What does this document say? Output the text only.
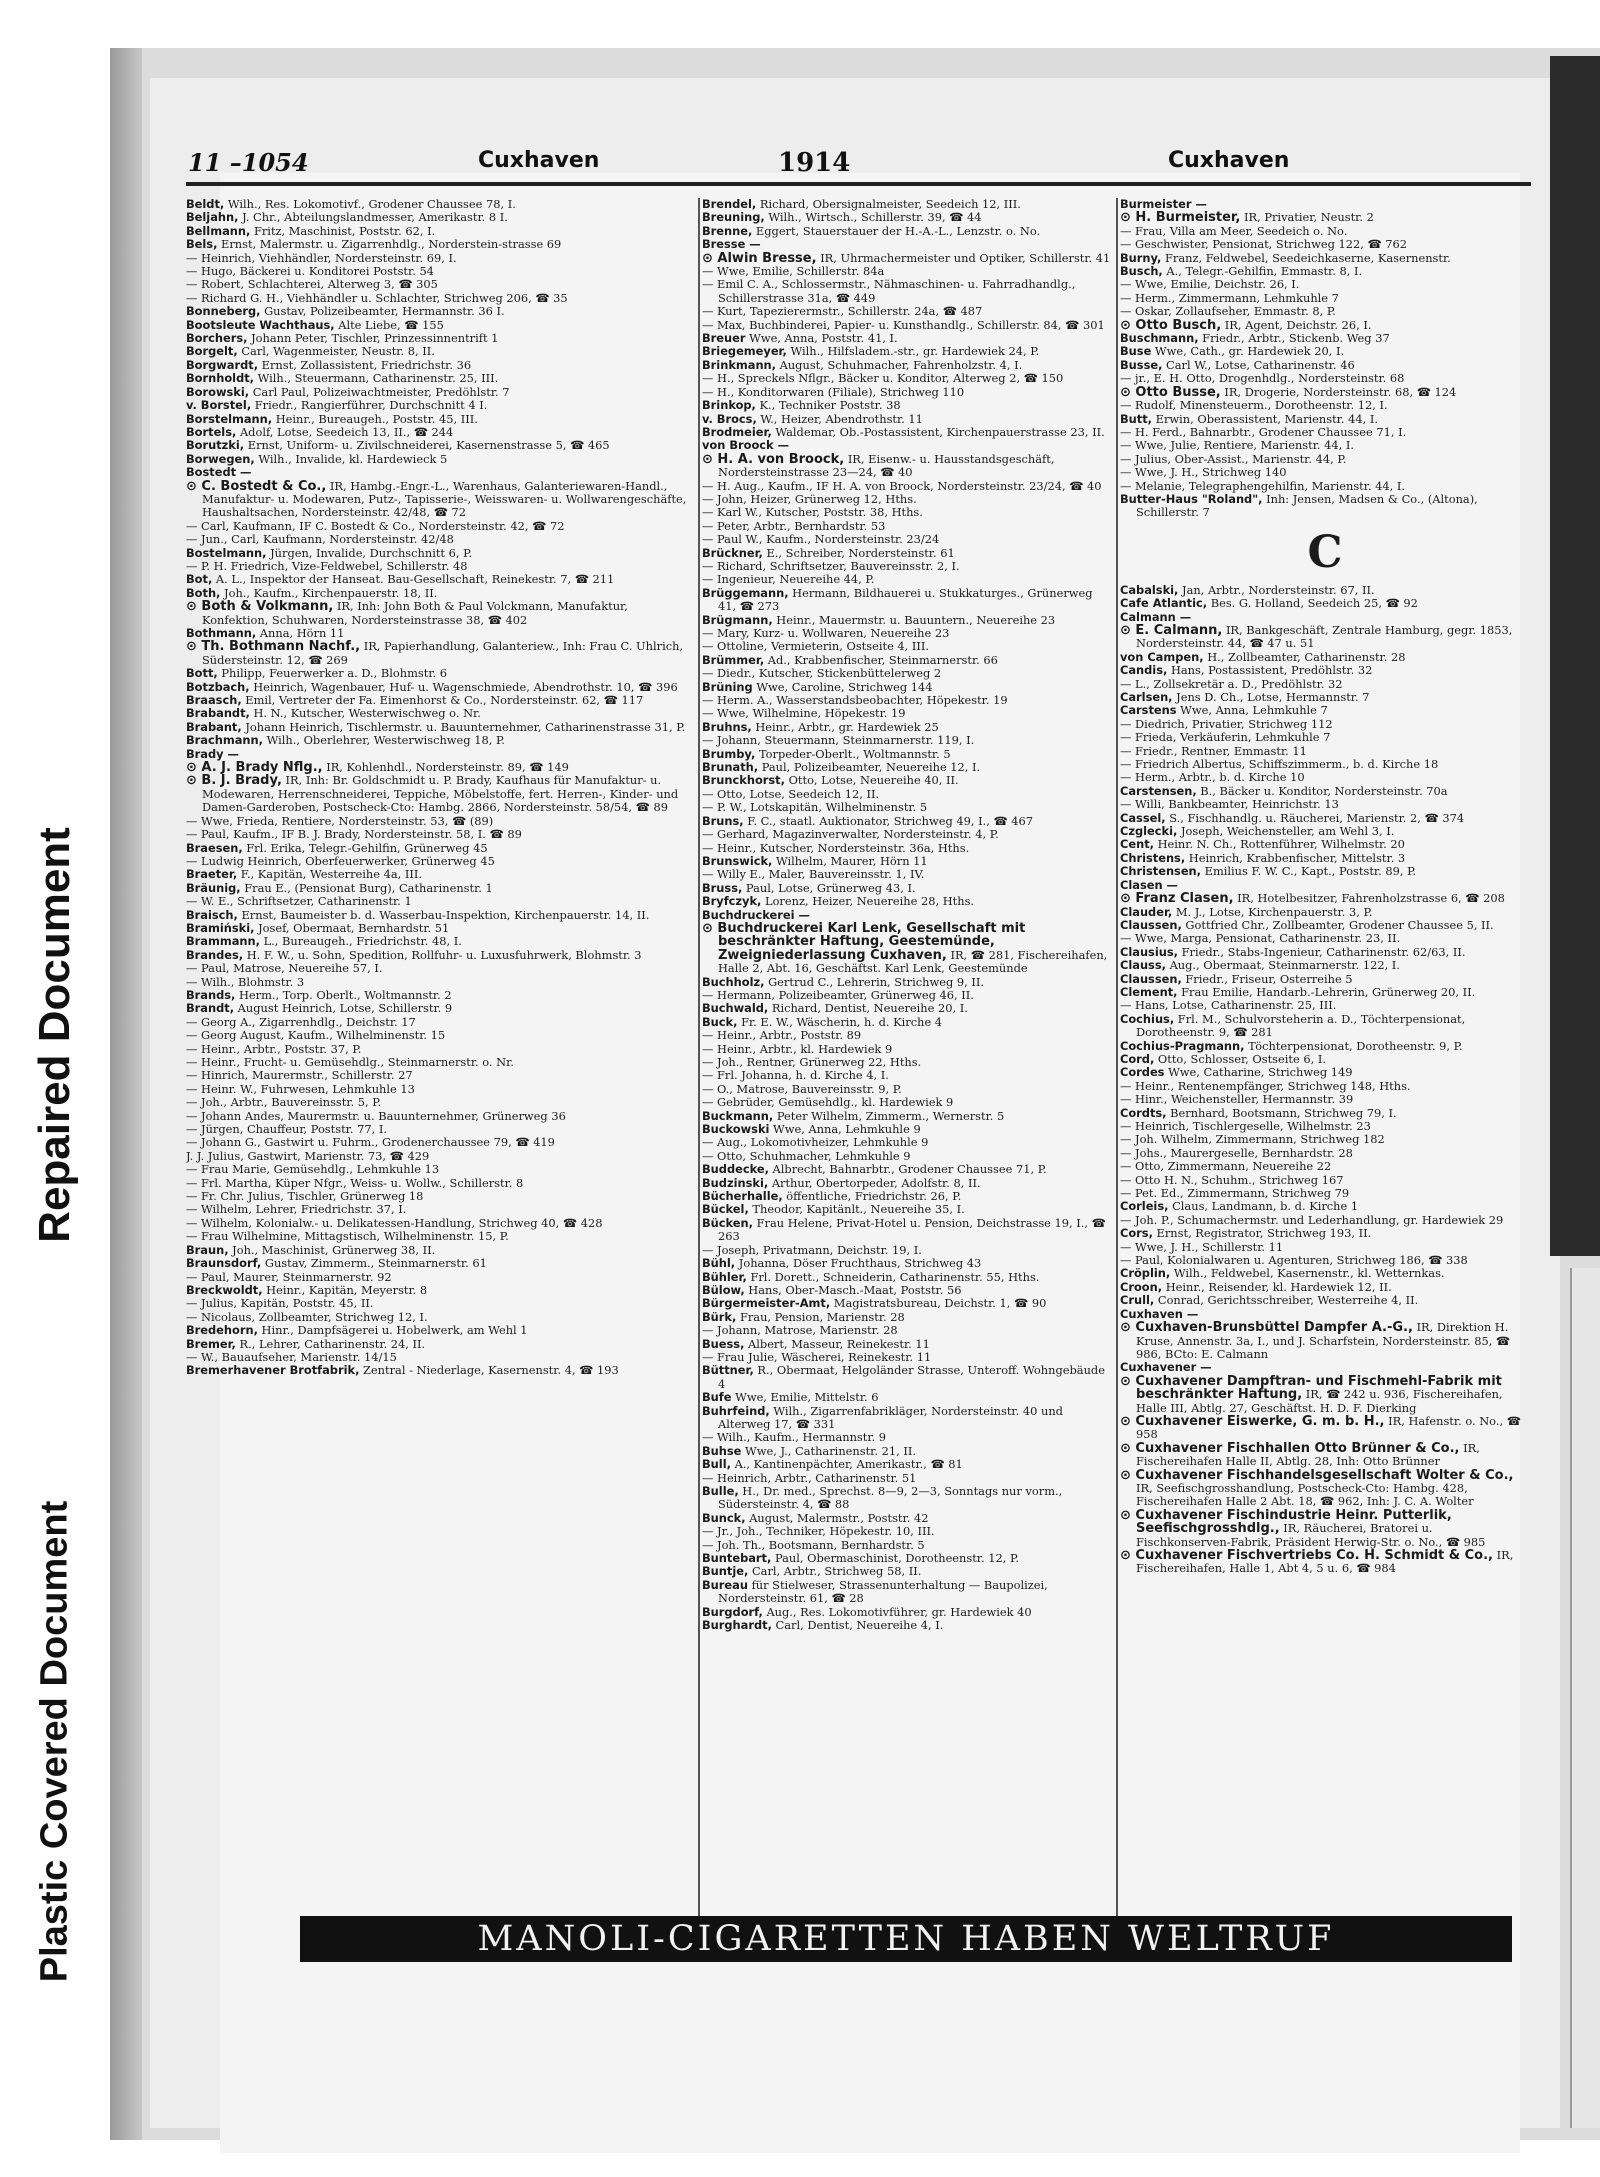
Repaired Document
Plastic Covered Document
11 –1054	Cuxhaven	1914	Cuxhaven

Beldt, Wilh., Res. Lokomotivf., Grodener Chaussee 78, I.

Beljahn, J. Chr., Abteilungslandmesser, Amerikastr. 8 I.

Bellmann, Fritz, Maschinist, Poststr. 62, I.

Bels, Ernst, Malermstr. u. Zigarrenhdlg., Norderstein-strasse 69

— Heinrich, Viehhändler, Nordersteinstr. 69, I.

— Hugo, Bäckerei u. Konditorei Poststr. 54

— Robert, Schlachterei, Alterweg 3, ☎ 305

— Richard G. H., Viehhändler u. Schlachter, Strichweg 206, ☎ 35

Bonneberg, Gustav, Polizeibeamter, Hermannstr. 36 I.

Bootsleute Wachthaus, Alte Liebe, ☎ 155

Borchers, Johann Peter, Tischler, Prinzessinnentrift 1

Borgelt, Carl, Wagenmeister, Neustr. 8, II.

Borgwardt, Ernst, Zollassistent, Friedrichstr. 36

Bornholdt, Wilh., Steuermann, Catharinenstr. 25, III.

Borowski, Carl Paul, Polizeiwachtmeister, Predöhlstr. 7

v. Borstel, Friedr., Rangierführer, Durchschnitt 4 I.

Borstelmann, Heinr., Bureaugeh., Poststr. 45, III.

Bortels, Adolf, Lotse, Seedeich 13, II., ☎ 244

Borutzki, Ernst, Uniform- u. Zivilschneiderei, Kasernenstrasse 5, ☎ 465

Borwegen, Wilh., Invalide, kl. Hardewieck 5

Bostedt —

⊙ C. Bostedt & Co., IR, Hambg.-Engr.-L., Warenhaus, Galanteriewaren-Handl., Manufaktur- u. Modewaren, Putz-, Tapisserie-, Weisswaren- u. Wollwarengeschäfte, Haushaltsachen, Nordersteinstr. 42/48, ☎ 72

— Carl, Kaufmann, IF C. Bostedt & Co., Nordersteinstr. 42, ☎ 72

— Jun., Carl, Kaufmann, Nordersteinstr. 42/48

Bostelmann, Jürgen, Invalide, Durchschnitt 6, P.

— P. H. Friedrich, Vize-Feldwebel, Schillerstr. 48

Bot, A. L., Inspektor der Hanseat. Bau-Gesellschaft, Reinekestr. 7, ☎ 211

Both, Joh., Kaufm., Kirchenpauerstr. 18, II.

⊙ Both & Volkmann, IR, Inh: John Both & Paul Volckmann, Manufaktur, Konfektion, Schuhwaren, Nordersteinstrasse 38, ☎ 402

Bothmann, Anna, Hörn 11

⊙ Th. Bothmann Nachf., IR, Papierhandlung, Galanteriew., Inh: Frau C. Uhlrich, Südersteinstr. 12, ☎ 269

Bott, Philipp, Feuerwerker a. D., Blohmstr. 6

Botzbach, Heinrich, Wagenbauer, Huf- u. Wagenschmiede, Abendrothstr. 10, ☎ 396

Braasch, Emil, Vertreter der Fa. Eimenhorst & Co., Nordersteinstr. 62, ☎ 117

Brabandt, H. N., Kutscher, Westerwischweg o. Nr.

Brabant, Johann Heinrich, Tischlermstr. u. Bauunternehmer, Catharinenstrasse 31, P.

Brachmann, Wilh., Oberlehrer, Westerwischweg 18, P.

Brady —

⊙ A. J. Brady Nflg., IR, Kohlenhdl., Nordersteinstr. 89, ☎ 149

⊙ B. J. Brady, IR, Inh: Br. Goldschmidt u. P. Brady, Kaufhaus für Manufaktur- u. Modewaren, Herrenschneiderei, Teppiche, Möbelstoffe, fert. Herren-, Kinder- und Damen-Garderoben, Postscheck-Cto: Hambg. 2866, Nordersteinstr. 58/54, ☎ 89

— Wwe, Frieda, Rentiere, Nordersteinstr. 53, ☎ (89)

— Paul, Kaufm., IF B. J. Brady, Nordersteinstr. 58, I. ☎ 89

Braesen, Frl. Erika, Telegr.-Gehilfin, Grünerweg 45

— Ludwig Heinrich, Oberfeuerwerker, Grünerweg 45

Braeter, F., Kapitän, Westerreihe 4a, III.

Bräunig, Frau E., (Pensionat Burg), Catharinenstr. 1

— W. E., Schriftsetzer, Catharinenstr. 1

Braisch, Ernst, Baumeister b. d. Wasserbau-Inspektion, Kirchenpauerstr. 14, II.

Bramiński, Josef, Obermaat, Bernhardstr. 51

Brammann, L., Bureaugeh., Friedrichstr. 48, I.

Brandes, H. F. W., u. Sohn, Spedition, Rollfuhr- u. Luxusfuhrwerk, Blohmstr. 3

— Paul, Matrose, Neuereihe 57, I.

— Wilh., Blohmstr. 3

Brands, Herm., Torp. Oberlt., Woltmannstr. 2

Brandt, August Heinrich, Lotse, Schillerstr. 9

— Georg A., Zigarrenhdlg., Deichstr. 17

— Georg August, Kaufm., Wilhelminenstr. 15

— Heinr., Arbtr., Poststr. 37, P.

— Heinr., Frucht- u. Gemüsehdlg., Steinmarnerstr. o. Nr.

— Hinrich, Maurermstr., Schillerstr. 27

— Heinr. W., Fuhrwesen, Lehmkuhle 13

— Joh., Arbtr., Bauvereinsstr. 5, P.

— Johann Andes, Maurermstr. u. Bauunternehmer, Grünerweg 36

— Jürgen, Chauffeur, Poststr. 77, I.

— Johann G., Gastwirt u. Fuhrm., Grodenerchaussee 79, ☎ 419

J. J. Julius, Gastwirt, Marienstr. 73, ☎ 429

— Frau Marie, Gemüsehdlg., Lehmkuhle 13

— Frl. Martha, Küper Nfgr., Weiss- u. Wollw., Schillerstr. 8

— Fr. Chr. Julius, Tischler, Grünerweg 18

— Wilhelm, Lehrer, Friedrichstr. 37, I.

— Wilhelm, Kolonialw.- u. Delikatessen-Handlung, Strichweg 40, ☎ 428

— Frau Wilhelmine, Mittagstisch, Wilhelminenstr. 15, P.

Braun, Joh., Maschinist, Grünerweg 38, II.

Braunsdorf, Gustav, Zimmerm., Steinmarnerstr. 61

— Paul, Maurer, Steinmarnerstr. 92

Breckwoldt, Heinr., Kapitän, Meyerstr. 8

— Julius, Kapitän, Poststr. 45, II.

— Nicolaus, Zollbeamter, Strichweg 12, I.

Bredehorn, Hinr., Dampfsägerei u. Hobelwerk, am Wehl 1

Bremer, R., Lehrer, Catharinenstr. 24, II.

— W., Bauaufseher, Marienstr. 14/15

Bremerhavener Brotfabrik, Zentral - Niederlage, Kasernenstr. 4, ☎ 193

Brendel, Richard, Obersignalmeister, Seedeich 12, III.

Breuning, Wilh., Wirtsch., Schillerstr. 39, ☎ 44

Brenne, Eggert, Stauerstauer der H.-A.-L., Lenzstr. o. No.

Bresse —

⊙ Alwin Bresse, IR, Uhrmachermeister und Optiker, Schillerstr. 41

— Wwe, Emilie, Schillerstr. 84a

— Emil C. A., Schlossermstr., Nähmaschinen- u. Fahrradhandlg., Schillerstrasse 31a, ☎ 449

— Kurt, Tapezierermstr., Schillerstr. 24a, ☎ 487

— Max, Buchbinderei, Papier- u. Kunsthandlg., Schillerstr. 84, ☎ 301

Breuer Wwe, Anna, Poststr. 41, I.

Briegemeyer, Wilh., Hilfsladem.-str., gr. Hardewiek 24, P.

Brinkmann, August, Schuhmacher, Fahrenholzstr. 4, I.

— H., Spreckels Nflgr., Bäcker u. Konditor, Alterweg 2, ☎ 150

— H., Konditorwaren (Filiale), Strichweg 110

Brinkop, K., Techniker Poststr. 38

v. Brocs, W., Heizer, Abendrothstr. 11

Brodmeier, Waldemar, Ob.-Postassistent, Kirchenpauerstrasse 23, II.

von Broock —

⊙ H. A. von Broock, IR, Eisenw.- u. Hausstandsgeschäft, Nordersteinstrasse 23—24, ☎ 40

— H. Aug., Kaufm., IF H. A. von Broock, Nordersteinstr. 23/24, ☎ 40

— John, Heizer, Grünerweg 12, Hths.

— Karl W., Kutscher, Poststr. 38, Hths.

— Peter, Arbtr., Bernhardstr. 53

— Paul W., Kaufm., Nordersteinstr. 23/24

Brückner, E., Schreiber, Nordersteinstr. 61

— Richard, Schriftsetzer, Bauvereinsstr. 2, I.

— Ingenieur, Neuereihe 44, P.

Brüggemann, Hermann, Bildhauerei u. Stukkaturges., Grünerweg 41, ☎ 273

Brügmann, Heinr., Mauermstr. u. Bauuntern., Neuereihe 23

— Mary, Kurz- u. Wollwaren, Neuereihe 23

— Ottoline, Vermieterin, Ostseite 4, III.

Brümmer, Ad., Krabbenfischer, Steinmarnerstr. 66

— Diedr., Kutscher, Stickenbüttelerweg 2

Brüning Wwe, Caroline, Strichweg 144

— Herm. A., Wasserstandsbeobachter, Höpekestr. 19

— Wwe, Wilhelmine, Höpekestr. 19

Bruhns, Heinr., Arbtr., gr. Hardewiek 25

— Johann, Steuermann, Steinmarnerstr. 119, I.

Brumby, Torpeder-Oberlt., Woltmannstr. 5

Brunath, Paul, Polizeibeamter, Neuereihe 12, I.

Brunckhorst, Otto, Lotse, Neuereihe 40, II.

— Otto, Lotse, Seedeich 12, II.

— P. W., Lotskapitän, Wilhelminenstr. 5

Bruns, F. C., staatl. Auktionator, Strichweg 49, I., ☎ 467

— Gerhard, Magazinverwalter, Nordersteinstr. 4, P.

— Heinr., Kutscher, Nordersteinstr. 36a, Hths.

Brunswick, Wilhelm, Maurer, Hörn 11

— Willy E., Maler, Bauvereinsstr. 1, IV.

Bruss, Paul, Lotse, Grünerweg 43, I.

Bryfczyk, Lorenz, Heizer, Neuereihe 28, Hths.

Buchdruckerei —

⊙ Buchdruckerei Karl Lenk, Gesellschaft mit beschränkter Haftung, Geestemünde, Zweigniederlassung Cuxhaven, IR, ☎ 281, Fischereihafen, Halle 2, Abt. 16, Geschäftst. Karl Lenk, Geestemünde

Buchholz, Gertrud C., Lehrerin, Strichweg 9, II.

— Hermann, Polizeibeamter, Grünerweg 46, II.

Buchwald, Richard, Dentist, Neuereihe 20, I.

Buck, Fr. E. W., Wäscherin, h. d. Kirche 4

— Heinr., Arbtr., Poststr. 89

— Heinr., Arbtr., kl. Hardewiek 9

— Joh., Rentner, Grünerweg 22, Hths.

— Frl. Johanna, h. d. Kirche 4, I.

— O., Matrose, Bauvereinsstr. 9, P.

— Gebrüder, Gemüsehdlg., kl. Hardewiek 9

Buckmann, Peter Wilhelm, Zimmerm., Wernerstr. 5

Buckowski Wwe, Anna, Lehmkuhle 9

— Aug., Lokomotivheizer, Lehmkuhle 9

— Otto, Schuhmacher, Lehmkuhle 9

Buddecke, Albrecht, Bahnarbtr., Grodener Chaussee 71, P.

Budzinski, Arthur, Obertorpeder, Adolfstr. 8, II.

Bücherhalle, öffentliche, Friedrichstr. 26, P.

Bückel, Theodor, Kapitänlt., Neuereihe 35, I.

Bücken, Frau Helene, Privat-Hotel u. Pension, Deichstrasse 19, I., ☎ 263

— Joseph, Privatmann, Deichstr. 19, I.

Bühl, Johanna, Döser Fruchthaus, Strichweg 43

Bühler, Frl. Dorett., Schneiderin, Catharinenstr. 55, Hths.

Bülow, Hans, Ober-Masch.-Maat, Poststr. 56

Bürgermeister-Amt, Magistratsbureau, Deichstr. 1, ☎ 90

Bürk, Frau, Pension, Marienstr. 28

— Johann, Matrose, Marienstr. 28

Buess, Albert, Masseur, Reinekestr. 11

— Frau Julie, Wäscherei, Reinekestr. 11

Büttner, R., Obermaat, Helgoländer Strasse, Unteroff. Wohngebäude 4

Bufe Wwe, Emilie, Mittelstr. 6

Buhrfeind, Wilh., Zigarrenfabrikläger, Nordersteinstr. 40 und Alterweg 17, ☎ 331

— Wilh., Kaufm., Hermannstr. 9

Buhse Wwe, J., Catharinenstr. 21, II.

Bull, A., Kantinenpächter, Amerikastr., ☎ 81

— Heinrich, Arbtr., Catharinenstr. 51

Bulle, H., Dr. med., Sprechst. 8—9, 2—3, Sonntags nur vorm., Südersteinstr. 4, ☎ 88

Bunck, August, Malermstr., Poststr. 42

— Jr., Joh., Techniker, Höpekestr. 10, III.

— Joh. Th., Bootsmann, Bernhardstr. 5

Buntebart, Paul, Obermaschinist, Dorotheenstr. 12, P.

Buntje, Carl, Arbtr., Strichweg 58, II.

Bureau für Stielweser, Strassenunterhaltung — Baupolizei, Nordersteinstr. 61, ☎ 28

Burgdorf, Aug., Res. Lokomotivführer, gr. Hardewiek 40

Burghardt, Carl, Dentist, Neuereihe 4, I.

Burmeister —

⊙ H. Burmeister, IR, Privatier, Neustr. 2

— Frau, Villa am Meer, Seedeich o. No.

— Geschwister, Pensionat, Strichweg 122, ☎ 762

Burny, Franz, Feldwebel, Seedeichkaserne, Kasernenstr.

Busch, A., Telegr.-Gehilfin, Emmastr. 8, I.

— Wwe, Emilie, Deichstr. 26, I.

— Herm., Zimmermann, Lehmkuhle 7

— Oskar, Zollaufseher, Emmastr. 8, P.

⊙ Otto Busch, IR, Agent, Deichstr. 26, I.

Buschmann, Friedr., Arbtr., Stickenb. Weg 37

Buse Wwe, Cath., gr. Hardewiek 20, I.

Busse, Carl W., Lotse, Catharinenstr. 46

— jr., E. H. Otto, Drogenhdlg., Nordersteinstr. 68

⊙ Otto Busse, IR, Drogerie, Nordersteinstr. 68, ☎ 124

— Rudolf, Minensteuerm., Dorotheenstr. 12, I.

Butt, Erwin, Oberassistent, Marienstr. 44, I.

— H. Ferd., Bahnarbtr., Grodener Chaussee 71, I.

— Wwe, Julie, Rentiere, Marienstr. 44, I.

— Julius, Ober-Assist., Marienstr. 44, P.

— Wwe, J. H., Strichweg 140

— Melanie, Telegraphengehilfin, Marienstr. 44, I.

Butter-Haus "Roland", Inh: Jensen, Madsen & Co., (Altona), Schillerstr. 7

C

Cabalski, Jan, Arbtr., Nordersteinstr. 67, II.

Cafe Atlantic, Bes. G. Holland, Seedeich 25, ☎ 92

Calmann —

⊙ E. Calmann, IR, Bankgeschäft, Zentrale Hamburg, gegr. 1853, Nordersteinstr. 44, ☎ 47 u. 51

von Campen, H., Zollbeamter, Catharinenstr. 28

Candis, Hans, Postassistent, Predöhlstr. 32

— L., Zollsekretär a. D., Predöhlstr. 32

Carlsen, Jens D. Ch., Lotse, Hermannstr. 7

Carstens Wwe, Anna, Lehmkuhle 7

— Diedrich, Privatier, Strichweg 112

— Frieda, Verkäuferin, Lehmkuhle 7

— Friedr., Rentner, Emmastr. 11

— Friedrich Albertus, Schiffszimmerm., b. d. Kirche 18

— Herm., Arbtr., b. d. Kirche 10

Carstensen, B., Bäcker u. Konditor, Nordersteinstr. 70a

— Willi, Bankbeamter, Heinrichstr. 13

Cassel, S., Fischhandlg. u. Räucherei, Marienstr. 2, ☎ 374

Czglecki, Joseph, Weichensteller, am Wehl 3, I.

Cent, Heinr. N. Ch., Rottenführer, Wilhelmstr. 20

Christens, Heinrich, Krabbenfischer, Mittelstr. 3

Christensen, Emilius F. W. C., Kapt., Poststr. 89, P.

Clasen —

⊙ Franz Clasen, IR, Hotelbesitzer, Fahrenholzstrasse 6, ☎ 208

Clauder, M. J., Lotse, Kirchenpauerstr. 3, P.

Claussen, Gottfried Chr., Zollbeamter, Grodener Chaussee 5, II.

— Wwe, Marga, Pensionat, Catharinenstr. 23, II.

Clausius, Friedr., Stabs-Ingenieur, Catharinenstr. 62/63, II.

Clauss, Aug., Obermaat, Steinmarnerstr. 122, I.

Claussen, Friedr., Friseur, Osterreihe 5

Clement, Frau Emilie, Handarb.-Lehrerin, Grünerweg 20, II.

— Hans, Lotse, Catharinenstr. 25, III.

Cochius, Frl. M., Schulvorsteherin a. D., Töchterpensionat, Dorotheenstr. 9, ☎ 281

Cochius-Pragmann, Töchterpensionat, Dorotheenstr. 9, P.

Cord, Otto, Schlosser, Ostseite 6, I.

Cordes Wwe, Catharine, Strichweg 149

— Heinr., Rentenempfänger, Strichweg 148, Hths.

— Hinr., Weichensteller, Hermannstr. 39

Cordts, Bernhard, Bootsmann, Strichweg 79, I.

— Heinrich, Tischlergeselle, Wilhelmstr. 23

— Joh. Wilhelm, Zimmermann, Strichweg 182

— Johs., Maurergeselle, Bernhardstr. 28

— Otto, Zimmermann, Neuereihe 22

— Otto H. N., Schuhm., Strichweg 167

— Pet. Ed., Zimmermann, Strichweg 79

Corleis, Claus, Landmann, b. d. Kirche 1

— Joh. P., Schumachermstr. und Lederhandlung, gr. Hardewiek 29

Cors, Ernst, Registrator, Strichweg 193, II.

— Wwe, J. H., Schillerstr. 11

— Paul, Kolonialwaren u. Agenturen, Strichweg 186, ☎ 338

Cröplin, Wilh., Feldwebel, Kasernenstr., kl. Wetternkas.

Croon, Heinr., Reisender, kl. Hardewiek 12, II.

Crull, Conrad, Gerichtsschreiber, Westerreihe 4, II.

Cuxhaven —

⊙ Cuxhaven-Brunsbüttel Dampfer A.-G., IR, Direktion H. Kruse, Annenstr. 3a, I., und J. Scharfstein, Nordersteinstr. 85, ☎ 986, BCto: E. Calmann

Cuxhavener —

⊙ Cuxhavener Dampftran- und Fischmehl-Fabrik mit beschränkter Haftung, IR, ☎ 242 u. 936, Fischereihafen, Halle III, Abtlg. 27, Geschäftst. H. D. F. Dierking

⊙ Cuxhavener Eiswerke, G. m. b. H., IR, Hafenstr. o. No., ☎ 958

⊙ Cuxhavener Fischhallen Otto Brünner & Co., IR, Fischereihafen Halle II, Abtlg. 28, Inh: Otto Brünner

⊙ Cuxhavener Fischhandelsgesellschaft Wolter & Co., IR, Seefischgrosshandlung, Postscheck-Cto: Hambg. 428, Fischereihafen Halle 2 Abt. 18, ☎ 962, Inh: J. C. A. Wolter

⊙ Cuxhavener Fischindustrie Heinr. Putterlik, Seefischgrosshdlg., IR, Räucherei, Bratorei u. Fischkonserven-Fabrik, Präsident Herwig-Str. o. No., ☎ 985

⊙ Cuxhavener Fischvertriebs Co. H. Schmidt & Co., IR, Fischereihafen, Halle 1, Abt 4, 5 u. 6, ☎ 984

MANOLI-CIGARETTEN HABEN WELTRUF
